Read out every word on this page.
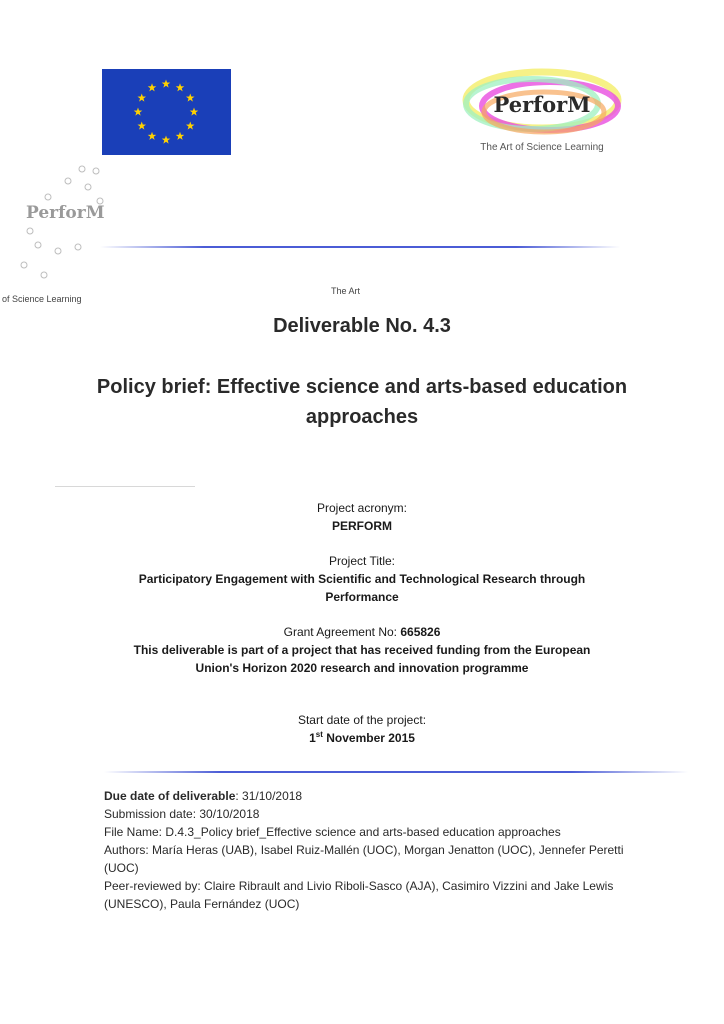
PerforM
The Art of Science Learning
PerforM
of Science Learning
The Art
Deliverable No. 4.3
Policy brief: Effective science and arts-based education approaches
Project acronym:
PERFORM
Project Title:
Participatory Engagement with Scientific and Technological Research through Performance
Grant Agreement No: 665826
This deliverable is part of a project that has received funding from the European Union's Horizon 2020 research and innovation programme
Start date of the project:
1st November 2015
Due date of deliverable: 31/10/2018
Submission date: 30/10/2018
File Name: D.4.3_Policy brief_Effective science and arts-based education approaches
Authors: María Heras (UAB), Isabel Ruiz-Mallén (UOC), Morgan Jenatton (UOC), Jennefer Peretti (UOC)
Peer-reviewed by: Claire Ribrault and Livio Riboli-Sasco (AJA), Casimiro Vizzini and Jake Lewis (UNESCO), Paula Fernández (UOC)
